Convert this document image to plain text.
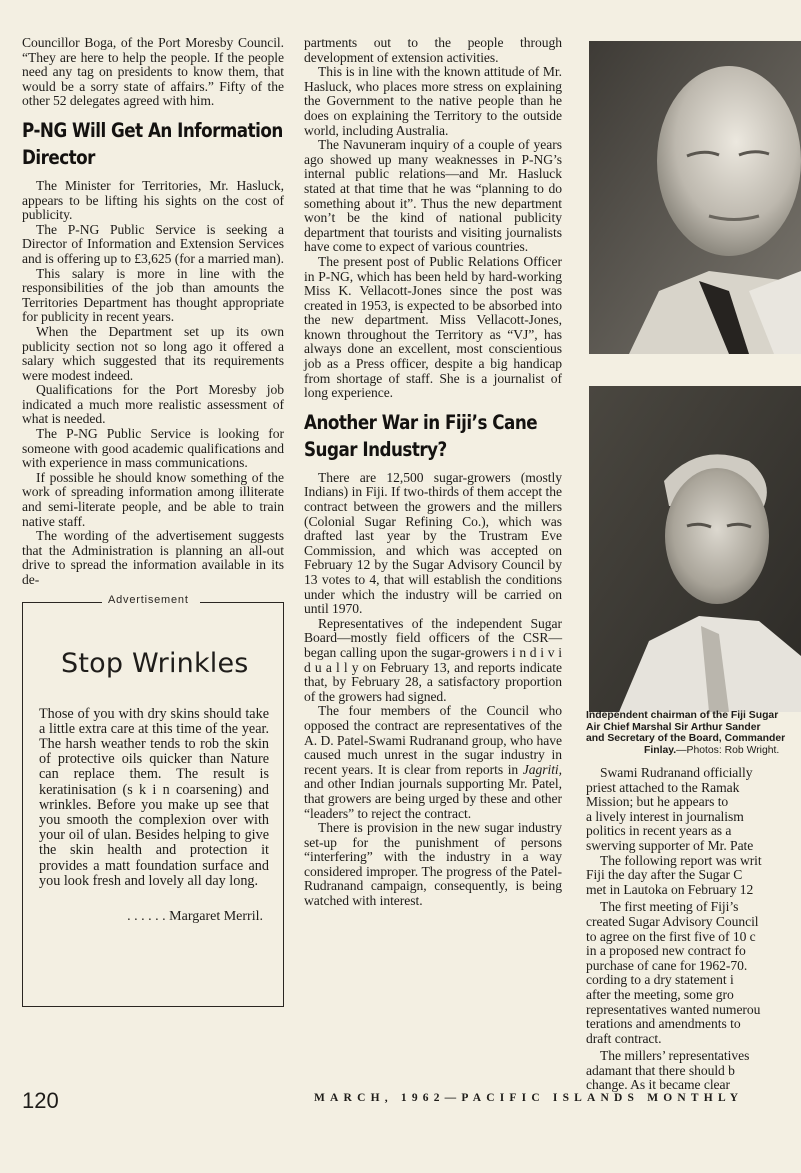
Councillor Boga, of the Port Moresby Council. “They are here to help the people. If the people need any tag on presidents to know them, that would be a sorry state of affairs.” Fifty of the other 52 delegates agreed with him.

P-NG Will Get An Information Director

The Minister for Territories, Mr. Hasluck, appears to be lifting his sights on the cost of publicity.

The P-NG Public Service is seeking a Director of Information and Extension Services and is offering up to £3,625 (for a married man).

This salary is more in line with the responsibilities of the job than amounts the Territories Department has thought appropriate for publicity in recent years.

When the Department set up its own publicity section not so long ago it offered a salary which suggested that its requirements were modest indeed.

Qualifications for the Port Moresby job indicated a much more realistic assessment of what is needed.

The P-NG Public Service is looking for someone with good academic qualifications and with experience in mass communications.

If possible he should know something of the work of spreading information among illiterate and semi-literate people, and be able to train native staff.

The wording of the advertisement suggests that the Administration is planning an all-out drive to spread the information available in its de-

Advertisement
Stop Wrinkles

Those of you with dry skins should take a little extra care at this time of the year. The harsh weather tends to rob the skin of protective oils quicker than Nature can replace them. The result is keratinisation (s k i n coarsening) and wrinkles. Before you make up see that you smooth the complexion over with your oil of ulan. Besides helping to give the skin health and protection it provides a matt foundation surface and you look fresh and lovely all day long.

. . . . . . Margaret Merril.

partments out to the people through development of extension activities.

This is in line with the known attitude of Mr. Hasluck, who places more stress on explaining the Government to the native people than he does on explaining the Territory to the outside world, including Australia.

The Navuneram inquiry of a couple of years ago showed up many weaknesses in P-NG’s internal public relations—and Mr. Hasluck stated at that time that he was “planning to do something about it”. Thus the new department won’t be the kind of national publicity department that tourists and visiting journalists have come to expect of various countries.

The present post of Public Relations Officer in P-NG, which has been held by hard-working Miss K. Vellacott-Jones since the post was created in 1953, is expected to be absorbed into the new department. Miss Vellacott-Jones, known throughout the Territory as “VJ”, has always done an excellent, most conscientious job as a Press officer, despite a big handicap from shortage of staff. She is a journalist of long experience.

Another War in Fiji’s Cane Sugar Industry?

There are 12,500 sugar-growers (mostly Indians) in Fiji. If two-thirds of them accept the contract between the growers and the millers (Colonial Sugar Refining Co.), which was drafted last year by the Trustram Eve Commission, and which was accepted on February 12 by the Sugar Advisory Council by 13 votes to 4, that will establish the conditions under which the industry will be carried on until 1970.

Representatives of the independent Sugar Board—mostly field officers of the CSR—began calling upon the sugar-growers i n d i v i d u a l l y on February 13, and reports indicate that, by February 28, a satisfactory proportion of the growers had signed.

The four members of the Council who opposed the contract are representatives of the A. D. Patel-Swami Rudranand group, who have caused much unrest in the sugar industry in recent years. It is clear from reports in Jagriti, and other Indian journals supporting Mr. Patel, that growers are being urged by these and other “leaders” to reject the contract.

There is provision in the new sugar industry set-up for the punishment of persons “interfering” with the industry in a way considered improper. The progress of the Patel-Rudranand campaign, consequently, is being watched with interest.

Independent chairman of the Fiji Sugar
Air Chief Marshal Sir Arthur Sander
and Secretary of the Board, Commander
Finlay.—Photos: Rob Wright.

Swami Rudranand officially

priest attached to the Ramak

Mission; but he appears to

a lively interest in journalism

politics in recent years as a

swerving supporter of Mr. Pate

The following report was writ

Fiji the day after the Sugar C

met in Lautoka on February 12

The first meeting of Fiji’s

created Sugar Advisory Council

to agree on the first five of 10 c

in a proposed new contract fo

purchase of cane for 1962-70.

cording to a dry statement i

after the meeting, some gro

representatives wanted numerou

terations and amendments to

draft contract.

The millers’ representatives

adamant that there should b

change. As it became clear

120	MARCH, 1962—PACIFIC ISLANDS MONTHLY
